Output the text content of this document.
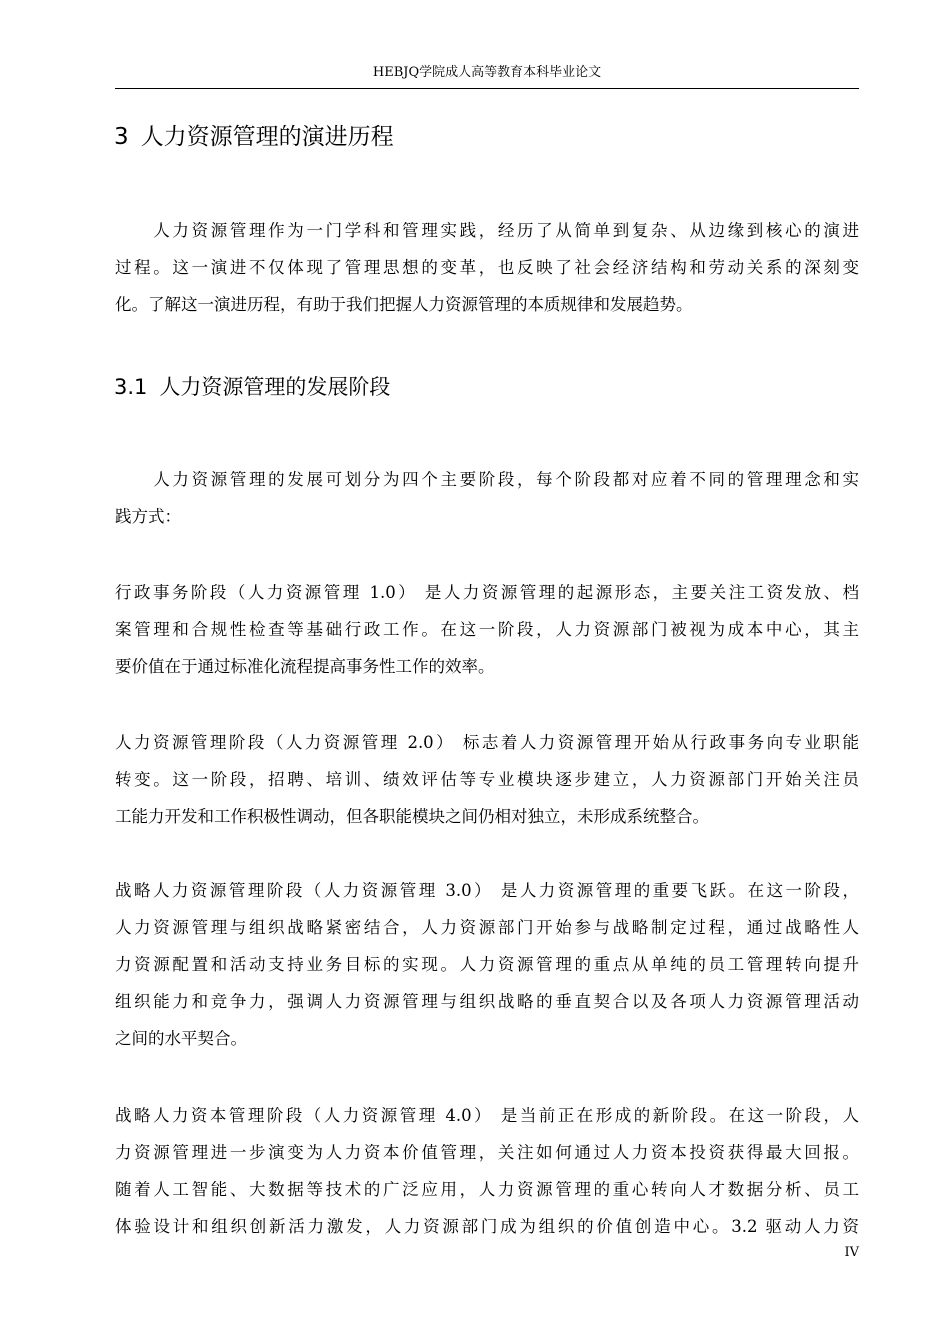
HEBJQ学院成人高等教育本科毕业论文
3 人力资源管理的演进历程

　　人力资源管理作为一门学科和管理实践，经历了从简单到复杂、从边缘到核心的演进
过程。这一演进不仅体现了管理思想的变革，也反映了社会经济结构和劳动关系的深刻变
化。了解这一演进历程，有助于我们把握人力资源管理的本质规律和发展趋势。

3.1 人力资源管理的发展阶段

　　人力资源管理的发展可划分为四个主要阶段，每个阶段都对应着不同的管理理念和实
践方式：

行政事务阶段（人力资源管理 1.0） 是人力资源管理的起源形态，主要关注工资发放、档
案管理和合规性检查等基础行政工作。在这一阶段，人力资源部门被视为成本中心，其主
要价值在于通过标准化流程提高事务性工作的效率。

人力资源管理阶段（人力资源管理 2.0） 标志着人力资源管理开始从行政事务向专业职能
转变。这一阶段，招聘、培训、绩效评估等专业模块逐步建立，人力资源部门开始关注员
工能力开发和工作积极性调动，但各职能模块之间仍相对独立，未形成系统整合。

战略人力资源管理阶段（人力资源管理 3.0） 是人力资源管理的重要飞跃。在这一阶段，
人力资源管理与组织战略紧密结合，人力资源部门开始参与战略制定过程，通过战略性人
力资源配置和活动支持业务目标的实现。人力资源管理的重点从单纯的员工管理转向提升
组织能力和竞争力，强调人力资源管理与组织战略的垂直契合以及各项人力资源管理活动
之间的水平契合。

战略人力资本管理阶段（人力资源管理 4.0） 是当前正在形成的新阶段。在这一阶段，人
力资源管理进一步演变为人力资本价值管理，关注如何通过人力资本投资获得最大回报。
随着人工智能、大数据等技术的广泛应用，人力资源管理的重心转向人才数据分析、员工
体验设计和组织创新活力激发，人力资源部门成为组织的价值创造中心。3.2 驱动人力资

IV
